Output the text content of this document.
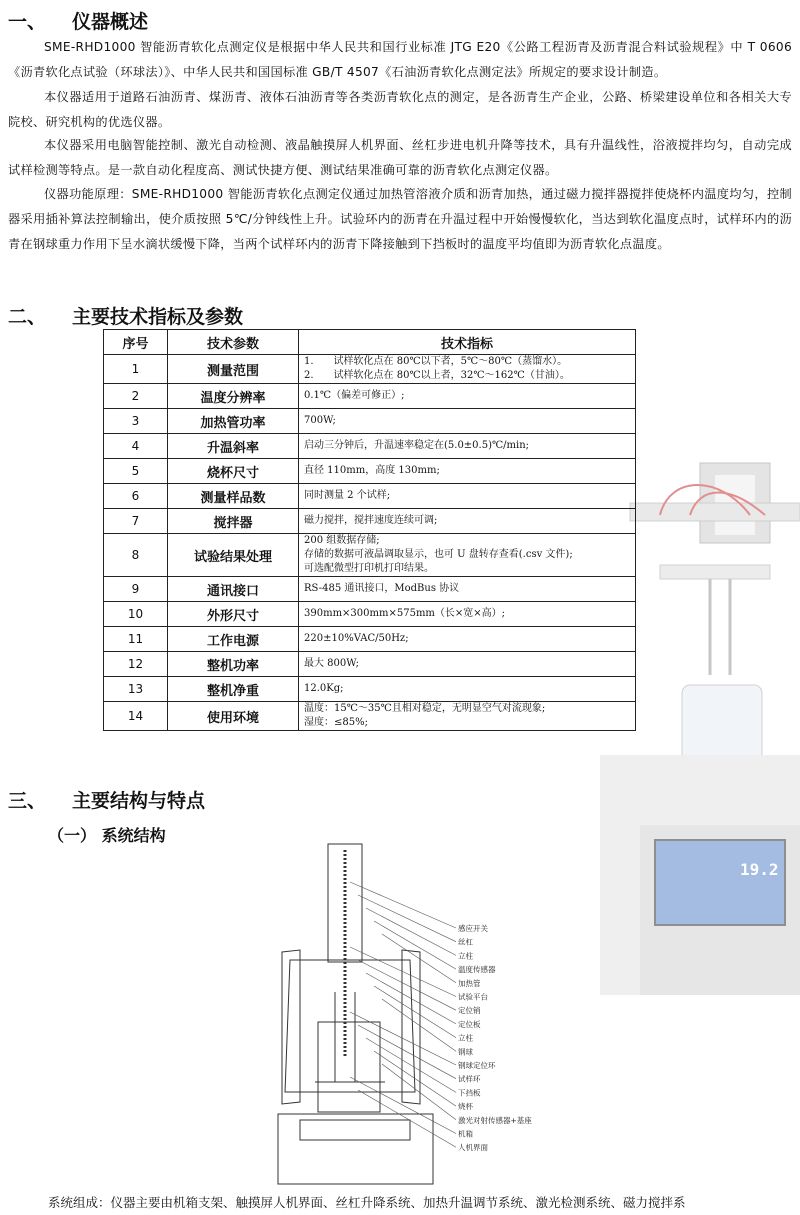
19.2
一、 仪器概述

SME-RHD1000 智能沥青软化点测定仪是根据中华人民共和国行业标准 JTG E20《公路工程沥青及沥青混合料试验规程》中 T 0606《沥青软化点试验（环球法）》、中华人民共和国国标准 GB/T 4507《石油沥青软化点测定法》所规定的要求设计制造。

本仪器适用于道路石油沥青、煤沥青、液体石油沥青等各类沥青软化点的测定，是各沥青生产企业，公路、桥梁建设单位和各相关大专院校、研究机构的优选仪器。

本仪器采用电脑智能控制、激光自动检测、液晶触摸屏人机界面、丝杠步进电机升降等技术，具有升温线性，浴液搅拌均匀，自动完成试样检测等特点。是一款自动化程度高、测试快捷方便、测试结果准确可靠的沥青软化点测定仪器。

仪器功能原理：SME-RHD1000 智能沥青软化点测定仪通过加热管溶液介质和沥青加热，通过磁力搅拌器搅拌使烧杯内温度均匀，控制器采用插补算法控制输出，使介质按照 5℃/分钟线性上升。试验环内的沥青在升温过程中开始慢慢软化，当达到软化温度点时，试样环内的沥青在钢球重力作用下呈水滴状缓慢下降，当两个试样环内的沥青下降接触到下挡板时的温度平均值即为沥青软化点温度。

二、 主要技术指标及参数
序号	技术参数	技术指标
1	测量范围	1.　　试样软化点在 80℃以下者，5℃～80℃（蒸馏水）。
2.　　试样软化点在 80℃以上者，32℃～162℃（甘油）。

2	温度分辨率	0.1℃（偏差可修正）;

3	加热管功率	700W;

4	升温斜率	启动三分钟后，升温速率稳定在(5.0±0.5)℃/min;

5	烧杯尺寸	直径 110mm，高度 130mm;

6	测量样品数	同时测量 2 个试样;

7	搅拌器	磁力搅拌，搅拌速度连续可调;

8	试验结果处理	200 组数据存储;
存储的数据可液晶调取显示，也可 U 盘转存查看(.csv 文件);
可选配微型打印机打印结果。

9	通讯接口	RS-485 通讯接口，ModBus 协议

10	外形尺寸	390mm×300mm×575mm（长×宽×高）;

11	工作电源	220±10%VAC/50Hz;

12	整机功率	最大 800W;

13	整机净重	12.0Kg;

14	使用环境	温度：15℃～35℃且相对稳定，无明显空气对流现象;
湿度：≤85%;
三、 主要结构与特点
（一） 系统结构
感应开关
丝杠
立柱
温度传感器
加热管
试验平台
定位销
定位板
立柱
钢球
钢球定位环
试样环
下挡板
烧杯
激光对射传感器+基座
机箱
人机界面
系统组成：仪器主要由机箱支架、触摸屏人机界面、丝杠升降系统、加热升温调节系统、激光检测系统、磁力搅拌系
